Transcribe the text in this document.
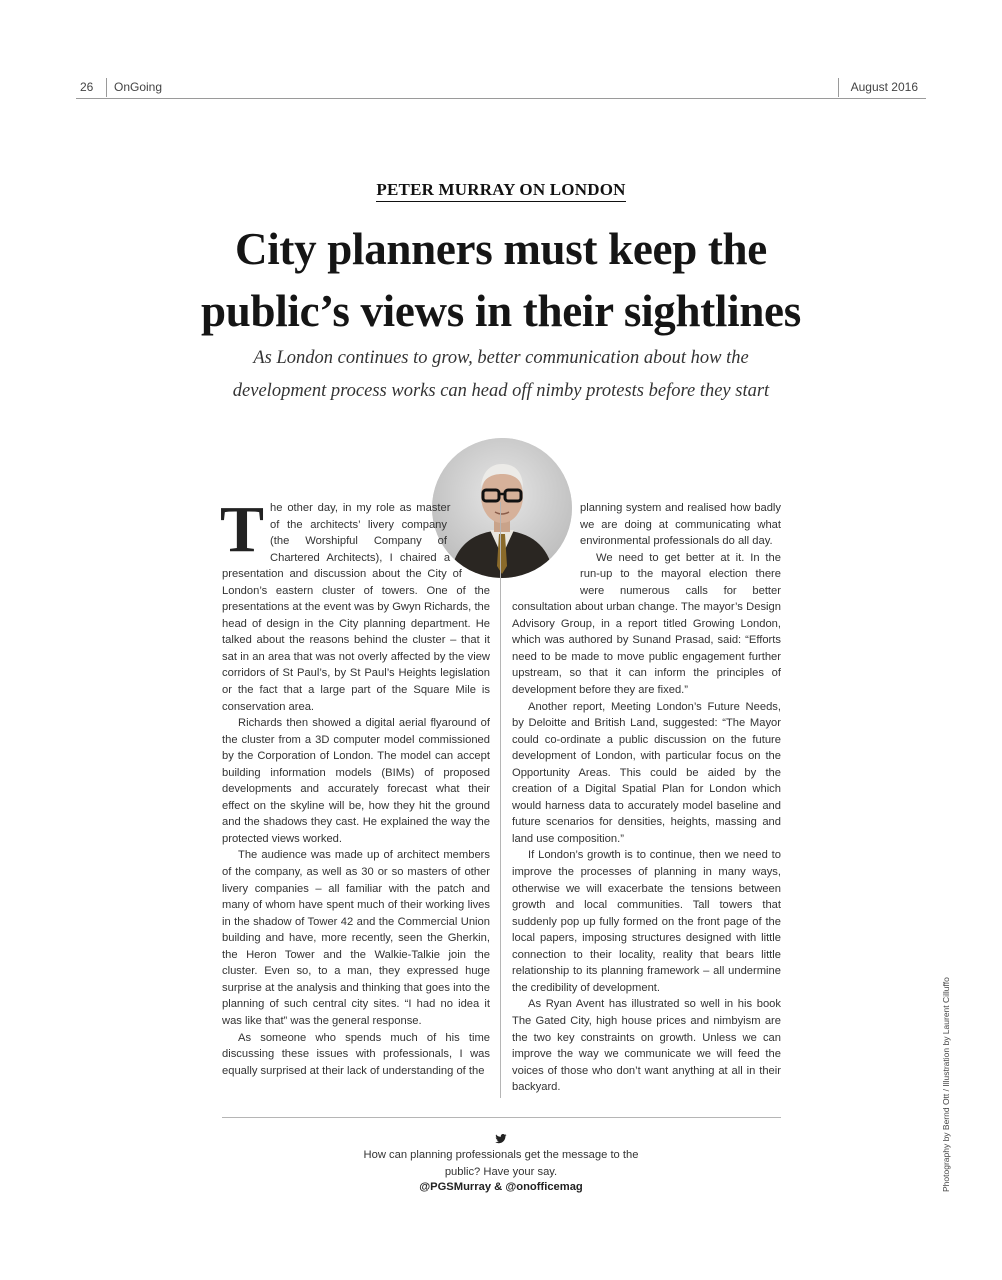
26 OnGoing	August 2016
PETER MURRAY ON LONDON
City planners must keep the
public’s views in their sightlines

As London continues to grow, better communication about how the
development process works can head off nimby protests before they start

T he other day, in my role as master of the architects’ livery company (the Worshipful Company of Chartered Architects), I chaired a presentation and discussion about the City of London’s eastern cluster of towers. One of the presentations at the event was by Gwyn Richards, the head of design in the City planning department. He talked about the reasons behind the cluster – that it sat in an area that was not overly affected by the view corridors of St Paul’s, by St Paul’s Heights legislation or the fact that a large part of the Square Mile is conservation area.

Richards then showed a digital aerial flyaround of the cluster from a 3D computer model commissioned by the Corporation of London. The model can accept building information models (BIMs) of proposed developments and accurately forecast what their effect on the skyline will be, how they hit the ground and the shadows they cast. He explained the way the protected views worked.

The audience was made up of architect members of the company, as well as 30 or so masters of other livery companies – all familiar with the patch and many of whom have spent much of their working lives in the shadow of Tower 42 and the Commercial Union building and have, more recently, seen the Gherkin, the Heron Tower and the Walkie-Talkie join the cluster. Even so, to a man, they expressed huge surprise at the analysis and thinking that goes into the planning of such central city sites. “I had no idea it was like that” was the general response.

As someone who spends much of his time discussing these issues with professionals, I was equally surprised at their lack of understanding of the

planning system and realised how badly we are doing at communicating what environmental professionals do all day.

We need to get better at it. In the run-up to the mayoral election there were numerous calls for better consultation about urban change. The mayor’s Design Advisory Group, in a report titled Growing London, which was authored by Sunand Prasad, said: “Efforts need to be made to move public engagement further upstream, so that it can inform the principles of development before they are fixed.”

Another report, Meeting London’s Future Needs, by Deloitte and British Land, suggested: “The Mayor could co-ordinate a public discussion on the future development of London, with particular focus on the Opportunity Areas. This could be aided by the creation of a Digital Spatial Plan for London which would harness data to accurately model baseline and future scenarios for densities, heights, massing and land use composition.”

If London’s growth is to continue, then we need to improve the processes of planning in many ways, otherwise we will exacerbate the tensions between growth and local communities. Tall towers that suddenly pop up fully formed on the front page of the local papers, imposing structures designed with little connection to their locality, reality that bears little relationship to its planning framework – all undermine the credibility of development.

As Ryan Avent has illustrated so well in his book The Gated City, high house prices and nimbyism are the two key constraints on growth. Unless we can improve the way we communicate we will feed the voices of those who don’t want anything at all in their backyard.

How can planning professionals get the message to the public? Have your say.

@PGSMurray & @onofficemag	Photography by Bernd Ott / Illustration by Laurent Cilluffo
